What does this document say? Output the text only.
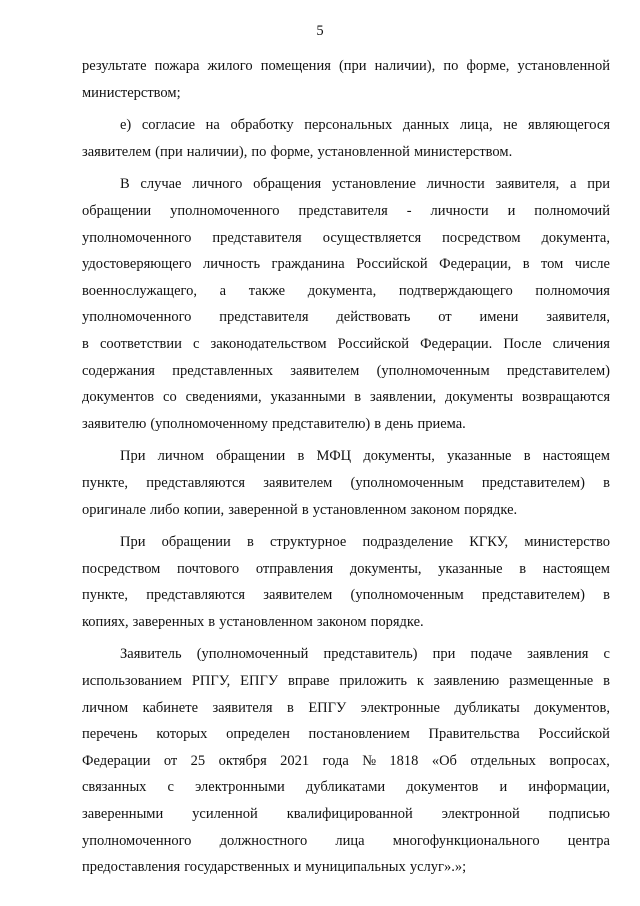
5
результате пожара жилого помещения (при наличии), по форме, установленной
министерством;
е) согласие на обработку персональных данных лица, не являющегося
заявителем (при наличии), по форме, установленной министерством.
В случае личного обращения установление личности заявителя, а при
обращении уполномоченного представителя - личности и полномочий
уполномоченного представителя осуществляется посредством документа,
удостоверяющего личность гражданина Российской Федерации, в том числе
военнослужащего, а также документа, подтверждающего полномочия
уполномоченного представителя действовать от имени заявителя,
в соответствии с законодательством Российской Федерации. После сличения
содержания представленных заявителем (уполномоченным представителем)
документов со сведениями, указанными в заявлении, документы возвращаются
заявителю (уполномоченному представителю) в день приема.
При личном обращении в МФЦ документы, указанные в настоящем
пункте, представляются заявителем (уполномоченным представителем) в
оригинале либо копии, заверенной в установленном законом порядке.
При обращении в структурное подразделение КГКУ, министерство
посредством почтового отправления документы, указанные в настоящем
пункте, представляются заявителем (уполномоченным представителем) в
копиях, заверенных в установленном законом порядке.
Заявитель (уполномоченный представитель) при подаче заявления с
использованием РПГУ, ЕПГУ вправе приложить к заявлению размещенные в
личном кабинете заявителя в ЕПГУ электронные дубликаты документов,
перечень которых определен постановлением Правительства Российской
Федерации от 25 октября 2021 года № 1818 «Об отдельных вопросах,
связанных с электронными дубликатами документов и информации,
заверенными усиленной квалифицированной электронной подписью
уполномоченного должностного лица многофункционального центра
предоставления государственных и муниципальных услуг».»;
